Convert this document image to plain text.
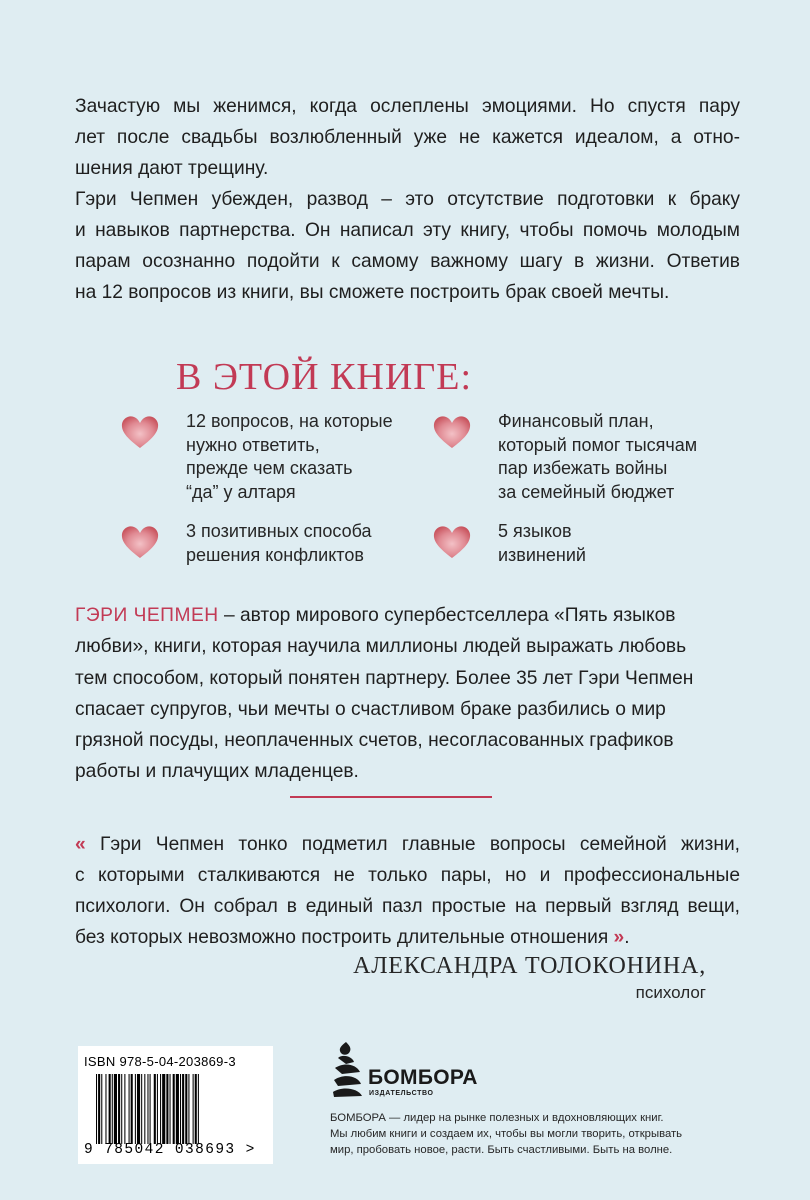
Зачастую мы женимся, когда ослеплены эмоциями. Но спустя пару
лет после свадьбы возлюбленный уже не кажется идеалом, а отно-
шения дают трещину.
Гэри Чепмен убежден, развод – это отсутствие подготовки к браку
и навыков партнерства. Он написал эту книгу, чтобы помочь молодым
парам осознанно подойти к самому важному шагу в жизни. Ответив
на 12 вопросов из книги, вы сможете построить брак своей мечты.
В ЭТОЙ КНИГЕ:
12 вопросов, на которые
нужно ответить,
прежде чем сказать
“да” у алтаря
Финансовый план,
который помог тысячам
пар избежать войны
за семейный бюджет
3 позитивных способа
решения конфликтов
5 языков
извинений
ГЭРИ ЧЕПМЕН – автор мирового супербестселлера «Пять языков
любви», книги, которая научила миллионы людей выражать любовь
тем способом, который понятен партнеру. Более 35 лет Гэри Чепмен
спасает супругов, чьи мечты о счастливом браке разбились о мир
грязной посуды, неоплаченных счетов, несогласованных графиков
работы и плачущих младенцев.
« Гэри Чепмен тонко подметил главные вопросы семейной жизни,
с которыми сталкиваются не только пары, но и профессиональные
психологи. Он собрал в единый пазл простые на первый взгляд вещи,
без которых невозможно построить длительные отношения ».
АЛЕКСАНДРА ТОЛОКОНИНА,
психолог
ISBN 978-5-04-203869-3
9 785042 038693 >
БОМБОРА
ИЗДАТЕЛЬСТВО
БОМБОРА — лидер на рынке полезных и вдохновляющих книг.
Мы любим книги и создаем их, чтобы вы могли творить, открывать
мир, пробовать новое, расти. Быть счастливыми. Быть на волне.
